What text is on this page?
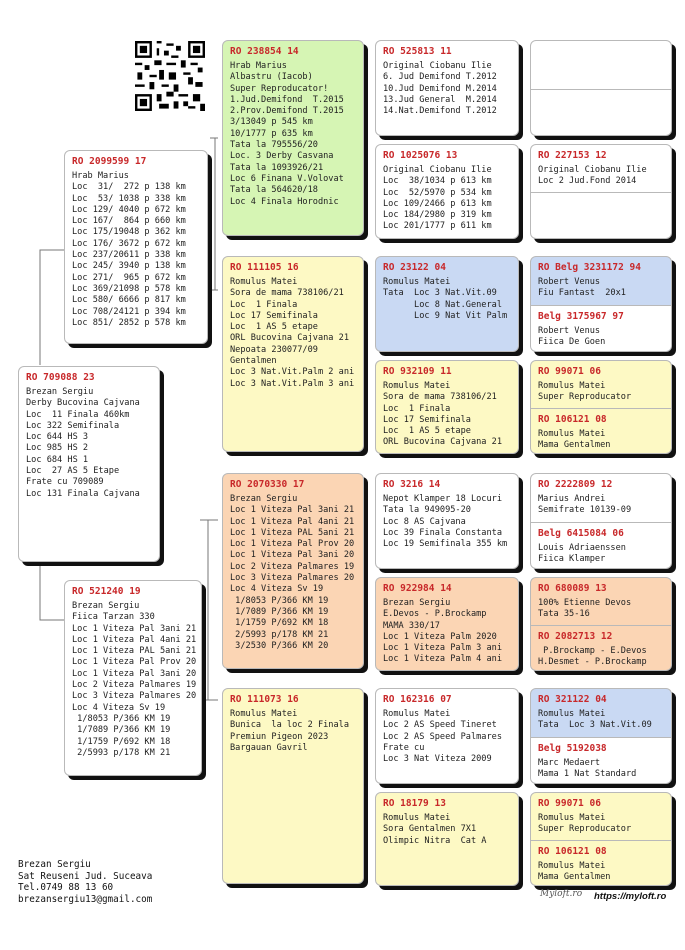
RO 709088 23
Brezan Sergiu
Derby Bucovina Cajvana
Loc  11 Finala 460km
Loc 322 Semifinala
Loc 644 HS 3
Loc 985 HS 2
Loc 684 HS 1
Loc  27 AS 5 Etape
Frate cu 709089
Loc 131 Finala Cajvana
RO 2099599 17
Hrab Marius
Loc  31/  272 p 138 km
Loc  53/ 1038 p 338 km
Loc 129/ 4040 p 672 km
Loc 167/  864 p 660 km
Loc 175/19048 p 362 km
Loc 176/ 3672 p 672 km
Loc 237/20611 p 338 km
Loc 245/ 3940 p 138 km
Loc 271/  965 p 672 km
Loc 369/21098 p 578 km
Loc 580/ 6666 p 817 km
Loc 708/24121 p 394 km
Loc 851/ 2852 p 578 km
RO 521240 19
Brezan Sergiu
Fiica Tarzan 330
Loc 1 Viteza Pal 3ani 21
Loc 1 Viteza Pal 4ani 21
Loc 1 Viteza PAL 5ani 21
Loc 1 Viteza Pal Prov 20
Loc 1 Viteza Pal 3ani 20
Loc 2 Viteza Palmares 19
Loc 3 Viteza Palmares 20
Loc 4 Viteza Sv 19
1/8053 P/366 KM 19
1/7089 P/366 KM 19
1/1759 P/692 KM 18
2/5993 p/178 KM 21
RO 238854 14
Hrab Marius
Albastru (Iacob)
Super Reproducator!
1.Jud.Demifond  T.2015
2.Prov.Demifond T.2015
3/13049 p 545 km
10/1777 p 635 km
Tata la 795556/20
Loc. 3 Derby Casvana
Tata la 1093926/21
Loc 6 Finana V.Volovat
Tata la 564620/18
Loc 4 Finala Horodnic
RO 111105 16
Romulus Matei
Sora de mama 738106/21
Loc  1 Finala
Loc 17 Semifinala
Loc  1 AS 5 etape
ORL Bucovina Cajvana 21
Nepoata 230077/09
Gentalmen
Loc 3 Nat.Vit.Palm 2 ani
Loc 3 Nat.Vit.Palm 3 ani
RO 2070330 17
Brezan Sergiu
Loc 1 Viteza Pal 3ani 21
Loc 1 Viteza Pal 4ani 21
Loc 1 Viteza PAL 5ani 21
Loc 1 Viteza Pal Prov 20
Loc 1 Viteza Pal 3ani 20
Loc 2 Viteza Palmares 19
Loc 3 Viteza Palmares 20
Loc 4 Viteza Sv 19
1/8053 P/366 KM 19
1/7089 P/366 KM 19
1/1759 P/692 KM 18
2/5993 p/178 KM 21
3/2530 P/366 KM 20
RO 111073 16
Romulus Matei
Bunica  la loc 2 Finala
Premiun Pigeon 2023
Bargauan Gavril
RO 525813 11
Original Ciobanu Ilie
6. Jud Demifond T.2012
10.Jud Demifond M.2014
13.Jud General  M.2014
14.Nat.Demifond T.2012
RO 1025076 13
Original Ciobanu Ilie
Loc  38/1034 p 613 km
Loc  52/5970 p 534 km
Loc 109/2466 p 613 km
Loc 184/2980 p 319 km
Loc 201/1777 p 611 km
RO 23122 04
Romulus Matei
Tata  Loc 3 Nat.Vit.09
Loc 8 Nat.General
Loc 9 Nat Vit Palm
RO 932109 11
Romulus Matei
Sora de mama 738106/21
Loc  1 Finala
Loc 17 Semifinala
Loc  1 AS 5 etape
ORL Bucovina Cajvana 21
RO 3216 14
Nepot Klamper 18 Locuri
Tata la 949095-20
Loc 8 AS Cajvana
Loc 39 Finala Constanta
Loc 19 Semifinala 355 km
RO 922984 14
Brezan Sergiu
E.Devos - P.Brockamp
MAMA 330/17
Loc 1 Viteza Palm 2020
Loc 1 Viteza Palm 3 ani
Loc 1 Viteza Palm 4 ani
RO 162316 07
Romulus Matei
Loc 2 AS Speed Tineret
Loc 2 AS Speed Palmares
Frate cu
Loc 3 Nat Viteza 2009
RO 18179 13
Romulus Matei
Sora Gentalmen 7X1
Olimpic Nitra  Cat A
RO 227153 12
Original Ciobanu Ilie
Loc 2 Jud.Fond 2014
RO Belg 3231172 94
Robert Venus
Fiu Fantast  20x1
Belg 3175967 97
Robert Venus
Fiica De Goen
RO 99071 06
Romulus Matei
Super Reproducator
RO 106121 08
Romulus Matei
Mama Gentalmen
RO 2222809 12
Marius Andrei
Semifrate 10139-09
Belg 6415084 06
Louis Adriaenssen
Fiica Klamper
RO 680089 13
100% Etienne Devos
Tata 35-16
RO 2082713 12
P.Brockamp - E.Devos
H.Desmet - P.Brockamp
RO 321122 04
Romulus Matei
Tata  Loc 3 Nat.Vit.09
Belg 5192038
Marc Medaert
Mama 1 Nat Standard
RO 99071 06
Romulus Matei
Super Reproducator
RO 106121 08
Romulus Matei
Mama Gentalmen
Brezan Sergiu
Sat Reuseni Jud. Suceava
Tel.0749 88 13 60
brezansergiu13@gmail.com	Myloft.ro https://myloft.ro
